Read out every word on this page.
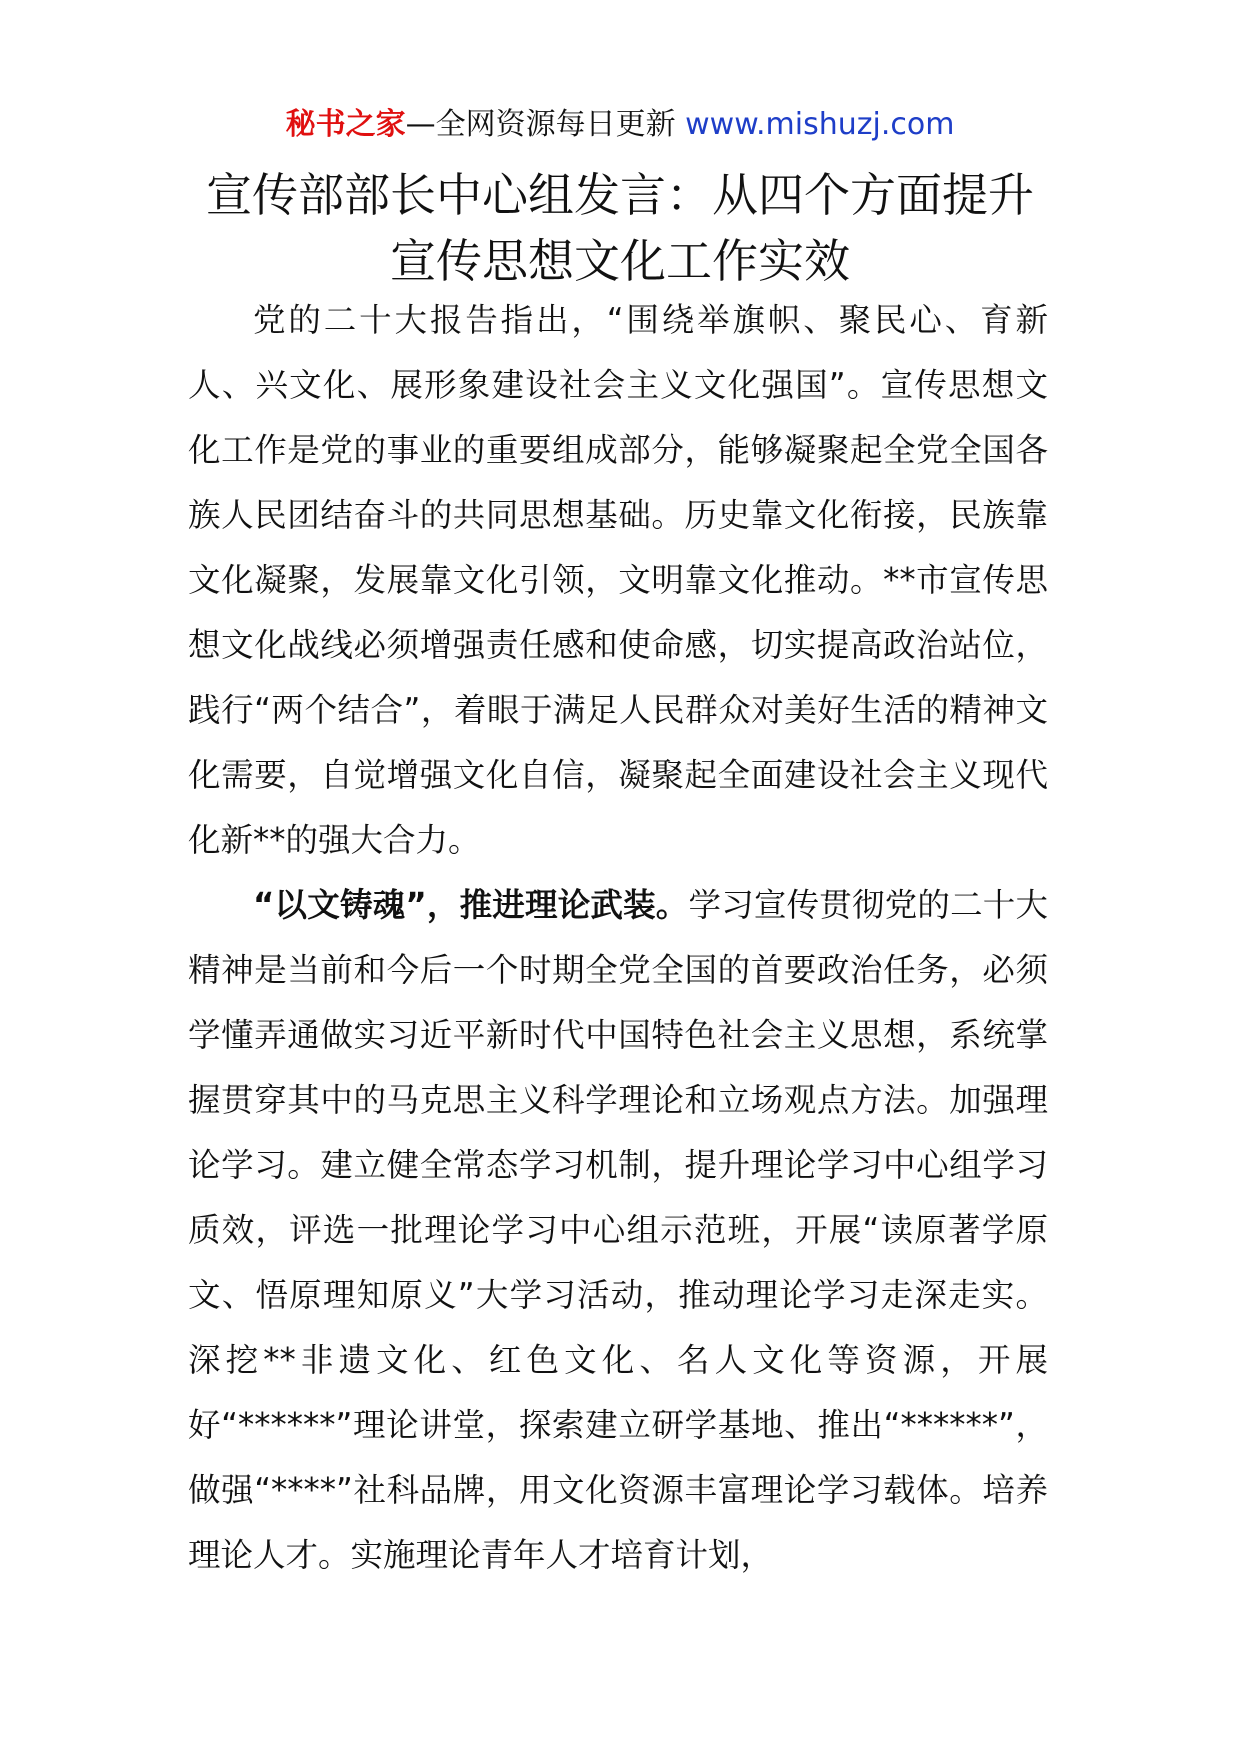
秘书之家—全网资源每日更新 www.mishuzj.com
宣传部部长中心组发言：从四个方面提升
宣传思想文化工作实效

党的二十大报告指出，“围绕举旗帜、聚民心、育新人、兴文化、展形象建设社会主义文化强国”。宣传思想文化工作是党的事业的重要组成部分，能够凝聚起全党全国各族人民团结奋斗的共同思想基础。历史靠文化衔接，民族靠文化凝聚，发展靠文化引领，文明靠文化推动。**市宣传思想文化战线必须增强责任感和使命感，切实提高政治站位，践行“两个结合”，着眼于满足人民群众对美好生活的精神文化需要，自觉增强文化自信，凝聚起全面建设社会主义现代化新**的强大合力。

“以文铸魂”，推进理论武装。学习宣传贯彻党的二十大精神是当前和今后一个时期全党全国的首要政治任务，必须学懂弄通做实习近平新时代中国特色社会主义思想，系统掌握贯穿其中的马克思主义科学理论和立场观点方法。加强理论学习。建立健全常态学习机制，提升理论学习中心组学习质效，评选一批理论学习中心组示范班，开展“读原著学原文、悟原理知原义”大学习活动，推动理论学习走深走实。深挖**非遗文化、红色文化、名人文化等资源，开展好“******”理论讲堂，探索建立研学基地、推出“******”，做强“****”社科品牌，用文化资源丰富理论学习载体。培养理论人才。实施理论青年人才培育计划，
